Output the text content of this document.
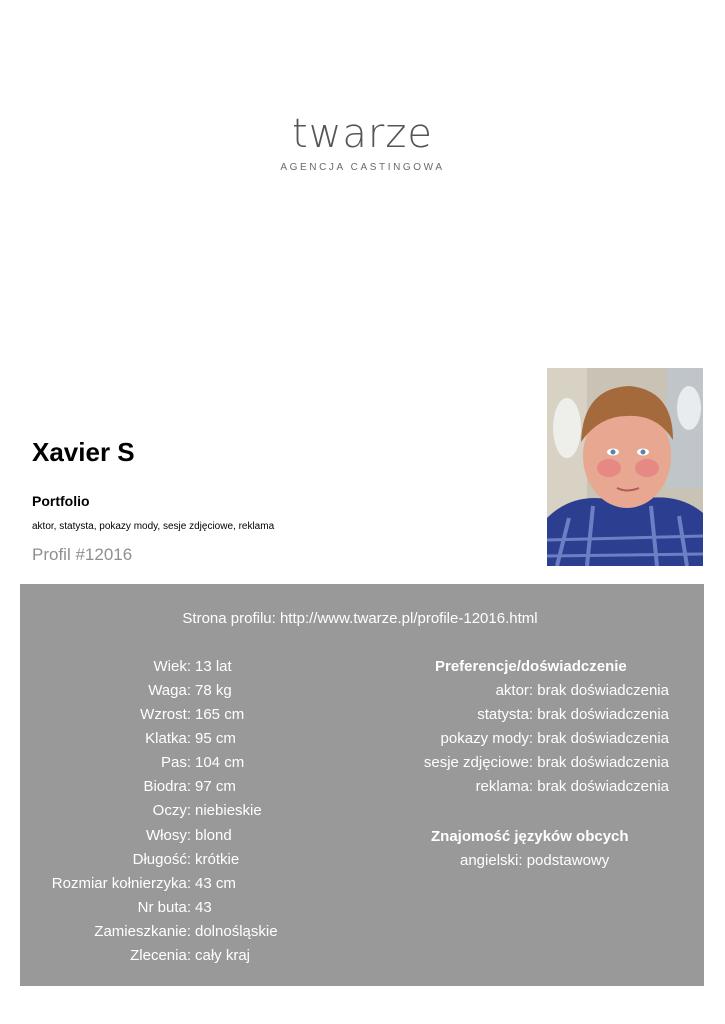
twarze
AGENCJA CASTINGOWA
Xavier S
Portfolio
aktor, statysta, pokazy mody, sesje zdjęciowe, reklama
Profil #12016
Strona profilu: http://www.twarze.pl/profile-12016.html
Wiek: 13 lat
Waga: 78 kg
Wzrost: 165 cm
Klatka: 95 cm
Pas: 104 cm
Biodra: 97 cm
Oczy: niebieskie
Włosy: blond
Długość: krótkie
Rozmiar kołnierzyka: 43 cm
Nr buta: 43
Zamieszkanie: dolnośląskie
Zlecenia: cały kraj
Preferencje/doświadczenie
aktor: brak doświadczenia
statysta: brak doświadczenia
pokazy mody: brak doświadczenia
sesje zdjęciowe: brak doświadczenia
reklama: brak doświadczenia
Znajomość języków obcych
angielski: podstawowy
